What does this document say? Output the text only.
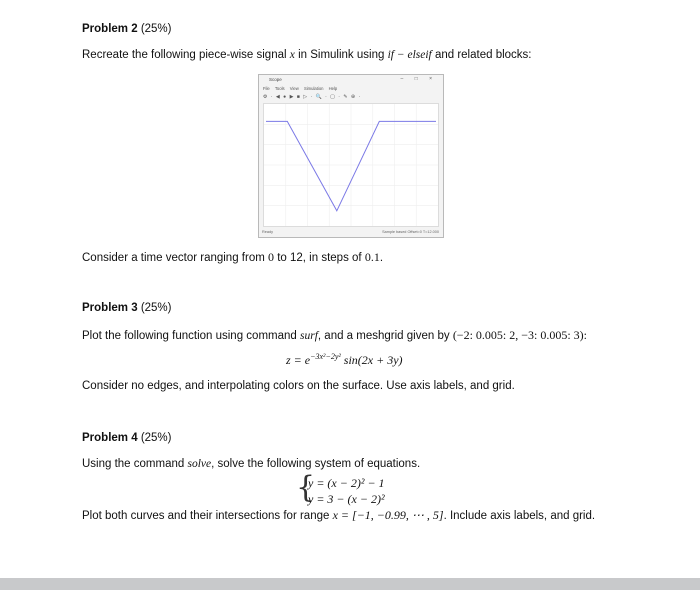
Problem 2 (25%)
Recreate the following piece-wise signal x in Simulink using if − elseif and related blocks:
Scope	– □ ×
File Tools View Simulation Help
⚙ · ◀ ● ▶ ■ ▷ · 🔍 · ▢ · ✎ ⊕ ·
Ready	Sample based Offset=0 T=12.000
Consider a time vector ranging from 0 to 12, in steps of 0.1.
Problem 3 (25%)
Plot the following function using command surf, and a meshgrid given by (−2: 0.005: 2, −3: 0.005: 3):
$z = e^{-3x^2-2y^2}$ sin(2x + 3y)
Consider no edges, and interpolating colors on the surface. Use axis labels, and grid.
Problem 4 (25%)
Using the command solve, solve the following system of equations.
{
y = (x − 2)² − 1
y = 3 − (x − 2)²
Plot both curves and their intersections for range x = [−1, −0.99, ⋯ , 5]. Include axis labels, and grid.
